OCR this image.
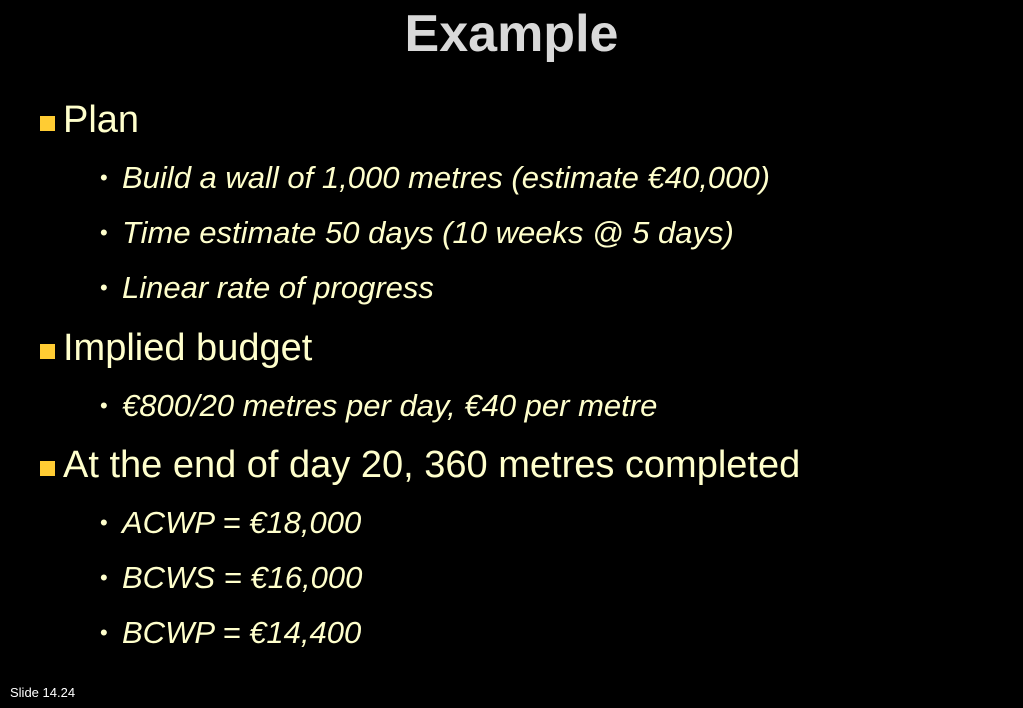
Example
Plan
• Build a wall of 1,000 metres (estimate €40,000)
• Time estimate 50 days (10 weeks @ 5 days)
• Linear rate of progress
Implied budget
• €800/20 metres per day, €40 per metre
At the end of day 20, 360 metres completed
• ACWP = €18,000
• BCWS = €16,000
• BCWP = €14,400
Slide 14.24
